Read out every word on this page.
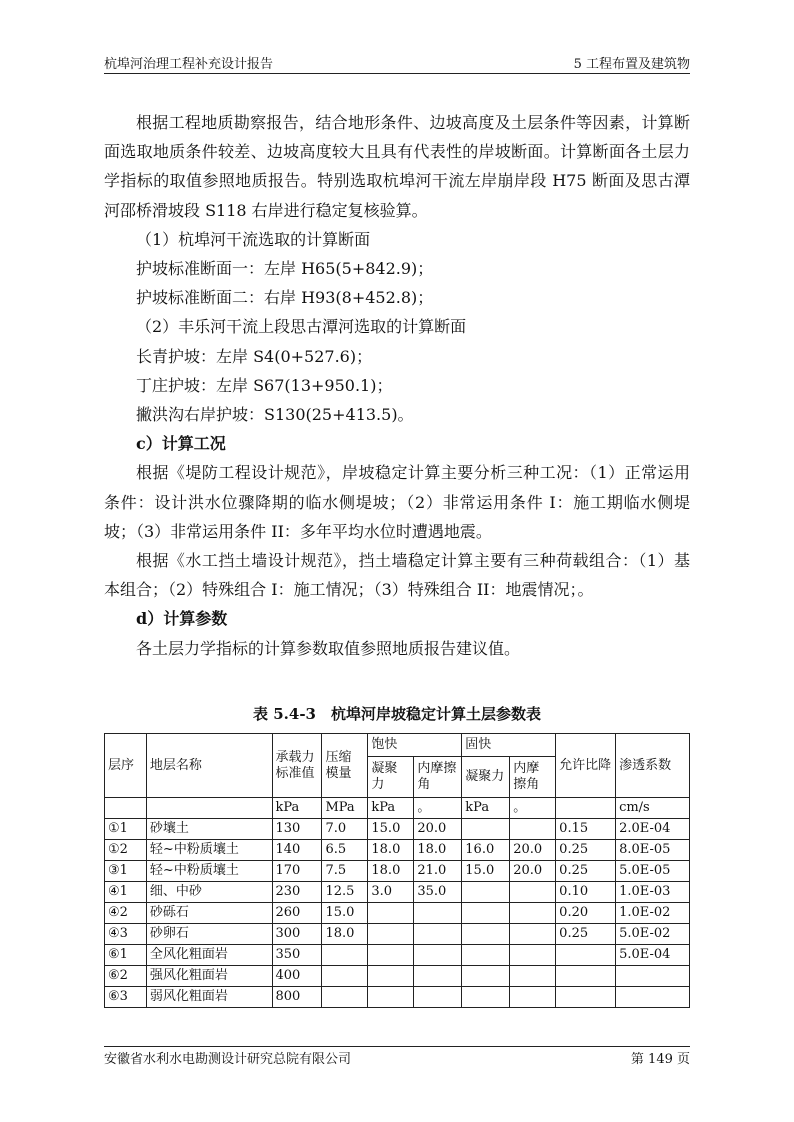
杭埠河治理工程补充设计报告	5 工程布置及建筑物

根据工程地质勘察报告，结合地形条件、边坡高度及土层条件等因素，计算断面选取地质条件较差、边坡高度较大且具有代表性的岸坡断面。计算断面各土层力学指标的取值参照地质报告。特别选取杭埠河干流左岸崩岸段 H75 断面及思古潭河邵桥滑坡段 S118 右岸进行稳定复核验算。

（1）杭埠河干流选取的计算断面

护坡标准断面一：左岸 H65(5+842.9)；

护坡标准断面二：右岸 H93(8+452.8)；

（2）丰乐河干流上段思古潭河选取的计算断面

长青护坡：左岸 S4(0+527.6)；

丁庄护坡：左岸 S67(13+950.1)；

撇洪沟右岸护坡：S130(25+413.5)。

c）计算工况

根据《堤防工程设计规范》，岸坡稳定计算主要分析三种工况：（1）正常运用条件：设计洪水位骤降期的临水侧堤坡；（2）非常运用条件 I：施工期临水侧堤坡；（3）非常运用条件 II：多年平均水位时遭遇地震。

根据《水工挡土墙设计规范》，挡土墙稳定计算主要有三种荷载组合：（1）基本组合；（2）特殊组合 I：施工情况；（3）特殊组合 II：地震情况；。

d）计算参数

各土层力学指标的计算参数取值参照地质报告建议值。

表 5.4-3　杭埠河岸坡稳定计算土层参数表
层序	地层名称	承载力标准值	压缩模量	饱快		固快		允许比降	渗透系数
				凝聚力	内摩擦角	凝聚力	内摩擦角		
		kPa	MPa	kPa	。	kPa	。		cm/s
①1	砂壤土	130	7.0	15.0	20.0			0.15	2.0E-04
①2	轻~中粉质壤土	140	6.5	18.0	18.0	16.0	20.0	0.25	8.0E-05
③1	轻~中粉质壤土	170	7.5	18.0	21.0	15.0	20.0	0.25	5.0E-05
④1	细、中砂	230	12.5	3.0	35.0			0.10	1.0E-03
④2	砂砾石	260	15.0					0.20	1.0E-02
④3	砂卵石	300	18.0					0.25	5.0E-02
⑥1	全风化粗面岩	350							5.0E-04
⑥2	强风化粗面岩	400							
⑥3	弱风化粗面岩	800							
安徽省水利水电勘测设计研究总院有限公司	第 149 页
